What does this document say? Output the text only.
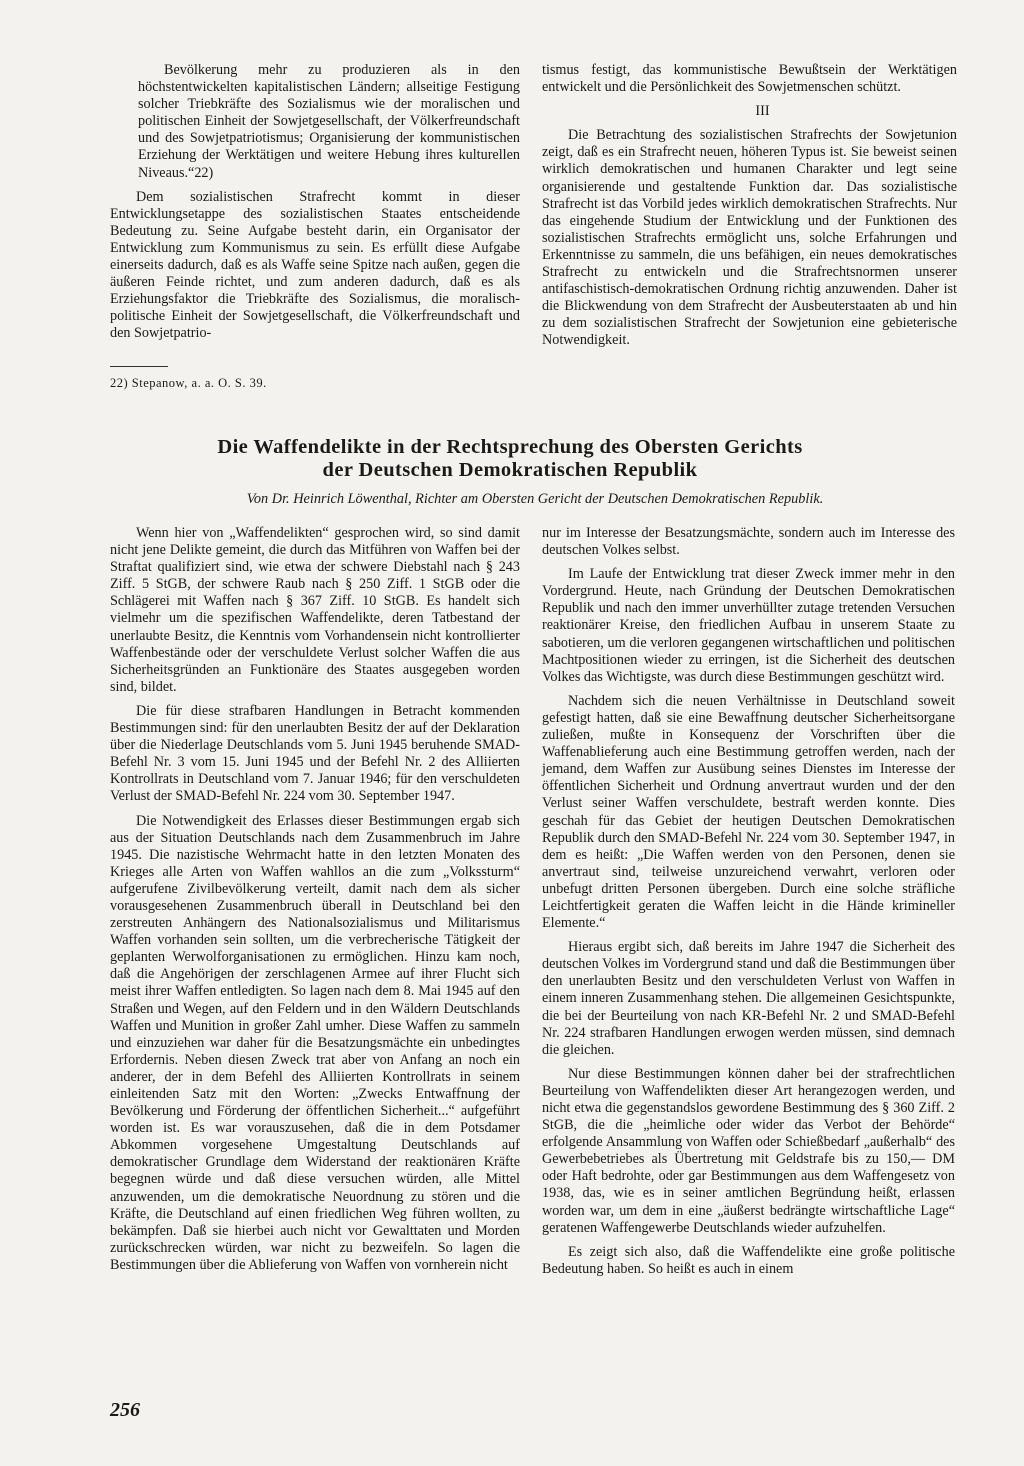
Bevölkerung mehr zu produzieren als in den höchstentwickelten kapitalistischen Ländern; allseitige Festigung solcher Triebkräfte des Sozialismus wie der moralischen und politischen Einheit der Sowjetgesellschaft, der Völkerfreundschaft und des Sowjetpatriotismus; Organisierung der kommunistischen Erziehung der Werktätigen und weitere Hebung ihres kulturellen Niveaus.“22)

Dem sozialistischen Strafrecht kommt in dieser Entwicklungsetappe des sozialistischen Staates entscheidende Bedeutung zu. Seine Aufgabe besteht darin, ein Organisator der Entwicklung zum Kommunismus zu sein. Es erfüllt diese Aufgabe einerseits dadurch, daß es als Waffe seine Spitze nach außen, gegen die äußeren Feinde richtet, und zum anderen dadurch, daß es als Erziehungsfaktor die Triebkräfte des Sozialismus, die moralisch-politische Einheit der Sowjetgesellschaft, die Völkerfreundschaft und den Sowjetpatrio-

tismus festigt, das kommunistische Bewußtsein der Werktätigen entwickelt und die Persönlichkeit des Sowjetmenschen schützt.

III

Die Betrachtung des sozialistischen Strafrechts der Sowjetunion zeigt, daß es ein Strafrecht neuen, höheren Typus ist. Sie beweist seinen wirklich demokratischen und humanen Charakter und legt seine organisierende und gestaltende Funktion dar. Das sozialistische Strafrecht ist das Vorbild jedes wirklich demokratischen Strafrechts. Nur das eingehende Studium der Entwicklung und der Funktionen des sozialistischen Strafrechts ermöglicht uns, solche Erfahrungen und Erkenntnisse zu sammeln, die uns befähigen, ein neues demokratisches Strafrecht zu entwickeln und die Strafrechtsnormen unserer antifaschistisch-demokratischen Ordnung richtig anzuwenden. Daher ist die Blickwendung von dem Strafrecht der Ausbeuterstaaten ab und hin zu dem sozialistischen Strafrecht der Sowjetunion eine gebieterische Notwendigkeit.

22) Stepanow, a. a. O. S. 39.
Die Waffendelikte in der Rechtsprechung des Obersten Gerichts
der Deutschen Demokratischen Republik
Von Dr. Heinrich Löwenthal, Richter am Obersten Gericht der Deutschen Demokratischen Republik.

Wenn hier von „Waffendelikten“ gesprochen wird, so sind damit nicht jene Delikte gemeint, die durch das Mitführen von Waffen bei der Straftat qualifiziert sind, wie etwa der schwere Diebstahl nach § 243 Ziff. 5 StGB, der schwere Raub nach § 250 Ziff. 1 StGB oder die Schlägerei mit Waffen nach § 367 Ziff. 10 StGB. Es handelt sich vielmehr um die spezifischen Waffendelikte, deren Tatbestand der unerlaubte Besitz, die Kenntnis vom Vorhandensein nicht kontrollierter Waffenbestände oder der verschuldete Verlust solcher Waffen die aus Sicherheitsgründen an Funktionäre des Staates ausgegeben worden sind, bildet.

Die für diese strafbaren Handlungen in Betracht kommenden Bestimmungen sind: für den unerlaubten Besitz der auf der Deklaration über die Niederlage Deutschlands vom 5. Juni 1945 beruhende SMAD-Befehl Nr. 3 vom 15. Juni 1945 und der Befehl Nr. 2 des Alliierten Kontrollrats in Deutschland vom 7. Januar 1946; für den verschuldeten Verlust der SMAD-Befehl Nr. 224 vom 30. September 1947.

Die Notwendigkeit des Erlasses dieser Bestimmungen ergab sich aus der Situation Deutschlands nach dem Zusammenbruch im Jahre 1945. Die nazistische Wehrmacht hatte in den letzten Monaten des Krieges alle Arten von Waffen wahllos an die zum „Volkssturm“ aufgerufene Zivilbevölkerung verteilt, damit nach dem als sicher vorausgesehenen Zusammenbruch überall in Deutschland bei den zerstreuten Anhängern des Nationalsozialismus und Militarismus Waffen vorhanden sein sollten, um die verbrecherische Tätigkeit der geplanten Werwolforganisationen zu ermöglichen. Hinzu kam noch, daß die Angehörigen der zerschlagenen Armee auf ihrer Flucht sich meist ihrer Waffen entledigten. So lagen nach dem 8. Mai 1945 auf den Straßen und Wegen, auf den Feldern und in den Wäldern Deutschlands Waffen und Munition in großer Zahl umher. Diese Waffen zu sammeln und einzuziehen war daher für die Besatzungsmächte ein unbedingtes Erfordernis. Neben diesen Zweck trat aber von Anfang an noch ein anderer, der in dem Befehl des Alliierten Kontrollrats in seinem einleitenden Satz mit den Worten: „Zwecks Entwaffnung der Bevölkerung und Förderung der öffentlichen Sicherheit...“ aufgeführt worden ist. Es war vorauszusehen, daß die in dem Potsdamer Abkommen vorgesehene Umgestaltung Deutschlands auf demokratischer Grundlage dem Widerstand der reaktionären Kräfte begegnen würde und daß diese versuchen würden, alle Mittel anzuwenden, um die demokratische Neuordnung zu stören und die Kräfte, die Deutschland auf einen friedlichen Weg führen wollten, zu bekämpfen. Daß sie hierbei auch nicht vor Gewalttaten und Morden zurückschrecken würden, war nicht zu bezweifeln. So lagen die Bestimmungen über die Ablieferung von Waffen von vornherein nicht

nur im Interesse der Besatzungsmächte, sondern auch im Interesse des deutschen Volkes selbst.

Im Laufe der Entwicklung trat dieser Zweck immer mehr in den Vordergrund. Heute, nach Gründung der Deutschen Demokratischen Republik und nach den immer unverhüllter zutage tretenden Versuchen reaktionärer Kreise, den friedlichen Aufbau in unserem Staate zu sabotieren, um die verloren gegangenen wirtschaftlichen und politischen Machtpositionen wieder zu erringen, ist die Sicherheit des deutschen Volkes das Wichtigste, was durch diese Bestimmungen geschützt wird.

Nachdem sich die neuen Verhältnisse in Deutschland soweit gefestigt hatten, daß sie eine Bewaffnung deutscher Sicherheitsorgane zuließen, mußte in Konsequenz der Vorschriften über die Waffenablieferung auch eine Bestimmung getroffen werden, nach der jemand, dem Waffen zur Ausübung seines Dienstes im Interesse der öffentlichen Sicherheit und Ordnung anvertraut wurden und der den Verlust seiner Waffen verschuldete, bestraft werden konnte. Dies geschah für das Gebiet der heutigen Deutschen Demokratischen Republik durch den SMAD-Befehl Nr. 224 vom 30. September 1947, in dem es heißt: „Die Waffen werden von den Personen, denen sie anvertraut sind, teilweise unzureichend verwahrt, verloren oder unbefugt dritten Personen übergeben. Durch eine solche sträfliche Leichtfertigkeit geraten die Waffen leicht in die Hände krimineller Elemente.“

Hieraus ergibt sich, daß bereits im Jahre 1947 die Sicherheit des deutschen Volkes im Vordergrund stand und daß die Bestimmungen über den unerlaubten Besitz und den verschuldeten Verlust von Waffen in einem inneren Zusammenhang stehen. Die allgemeinen Gesichtspunkte, die bei der Beurteilung von nach KR-Befehl Nr. 2 und SMAD-Befehl Nr. 224 strafbaren Handlungen erwogen werden müssen, sind demnach die gleichen.

Nur diese Bestimmungen können daher bei der strafrechtlichen Beurteilung von Waffendelikten dieser Art herangezogen werden, und nicht etwa die gegenstandslos gewordene Bestimmung des § 360 Ziff. 2 StGB, die die „heimliche oder wider das Verbot der Behörde“ erfolgende Ansammlung von Waffen oder Schießbedarf „außerhalb“ des Gewerbebetriebes als Übertretung mit Geldstrafe bis zu 150,— DM oder Haft bedrohte, oder gar Bestimmungen aus dem Waffengesetz von 1938, das, wie es in seiner amtlichen Begründung heißt, erlassen worden war, um dem in eine „äußerst bedrängte wirtschaftliche Lage“ geratenen Waffengewerbe Deutschlands wieder aufzuhelfen.

Es zeigt sich also, daß die Waffendelikte eine große politische Bedeutung haben. So heißt es auch in einem

256
